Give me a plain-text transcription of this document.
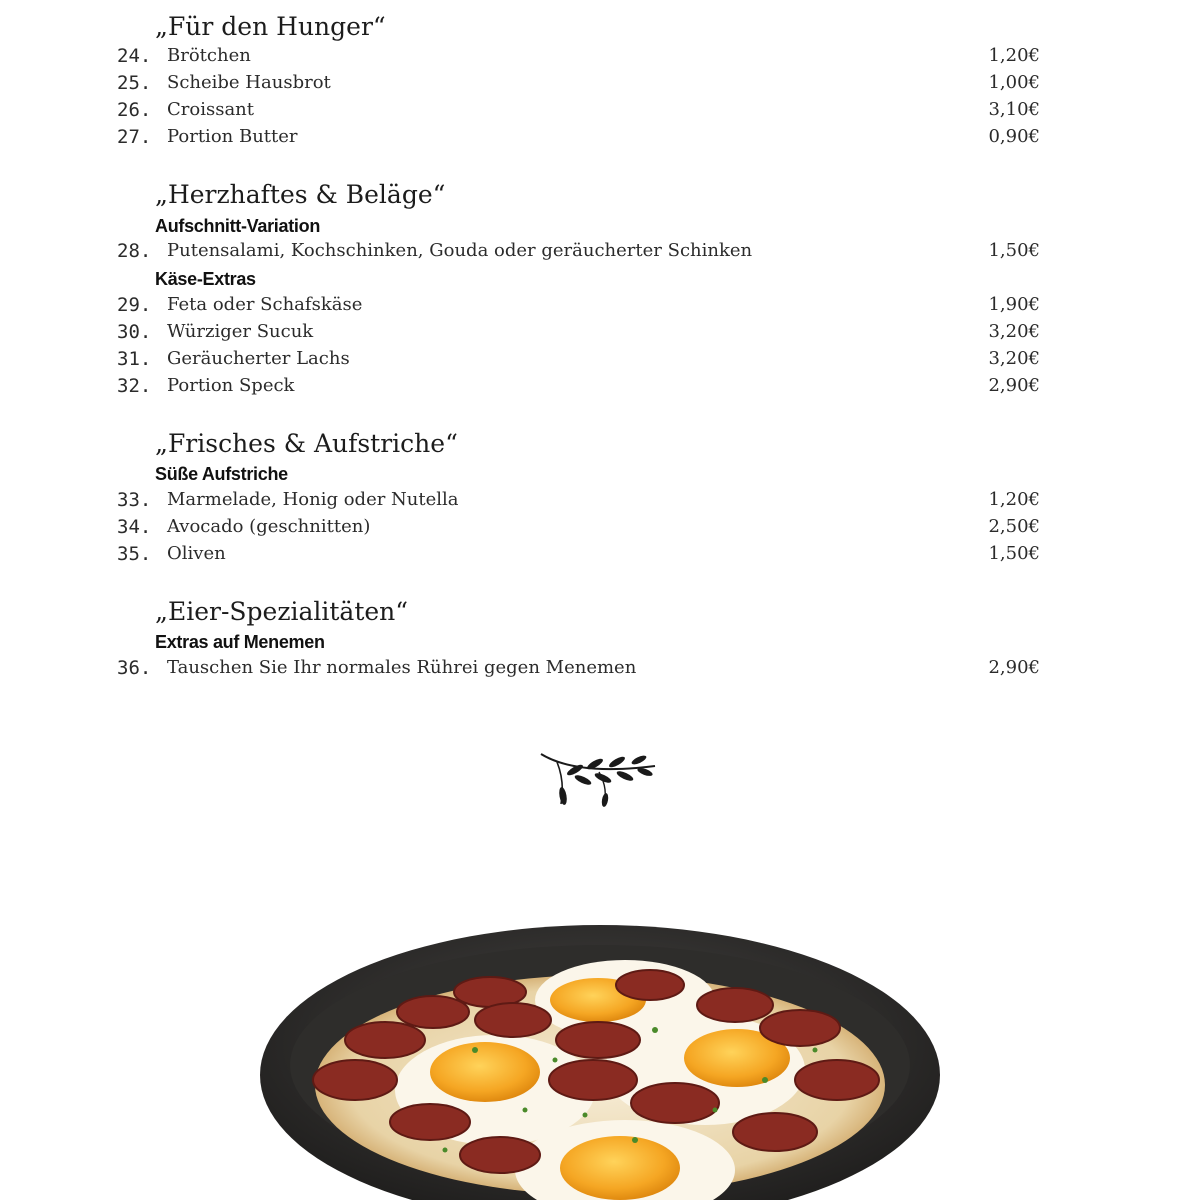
„Für den Hunger“
24. Brötchen	1,20€
25. Scheibe Hausbrot	1,00€
26. Croissant	3,10€
27. Portion Butter	0,90€
„Herzhaftes & Beläge“
Aufschnitt-Variation
28. Putensalami, Kochschinken, Gouda oder geräucherter Schinken	1,50€
Käse-Extras
29. Feta oder Schafskäse	1,90€
30. Würziger Sucuk	3,20€
31. Geräucherter Lachs	3,20€
32. Portion Speck	2,90€
„Frisches & Aufstriche“
Süße Aufstriche
33. Marmelade, Honig oder Nutella	1,20€
34. Avocado (geschnitten)	2,50€
35. Oliven	1,50€
„Eier-Spezialitäten“
Extras auf Menemen
36. Tauschen Sie Ihr normales Rührei gegen Menemen	2,90€
